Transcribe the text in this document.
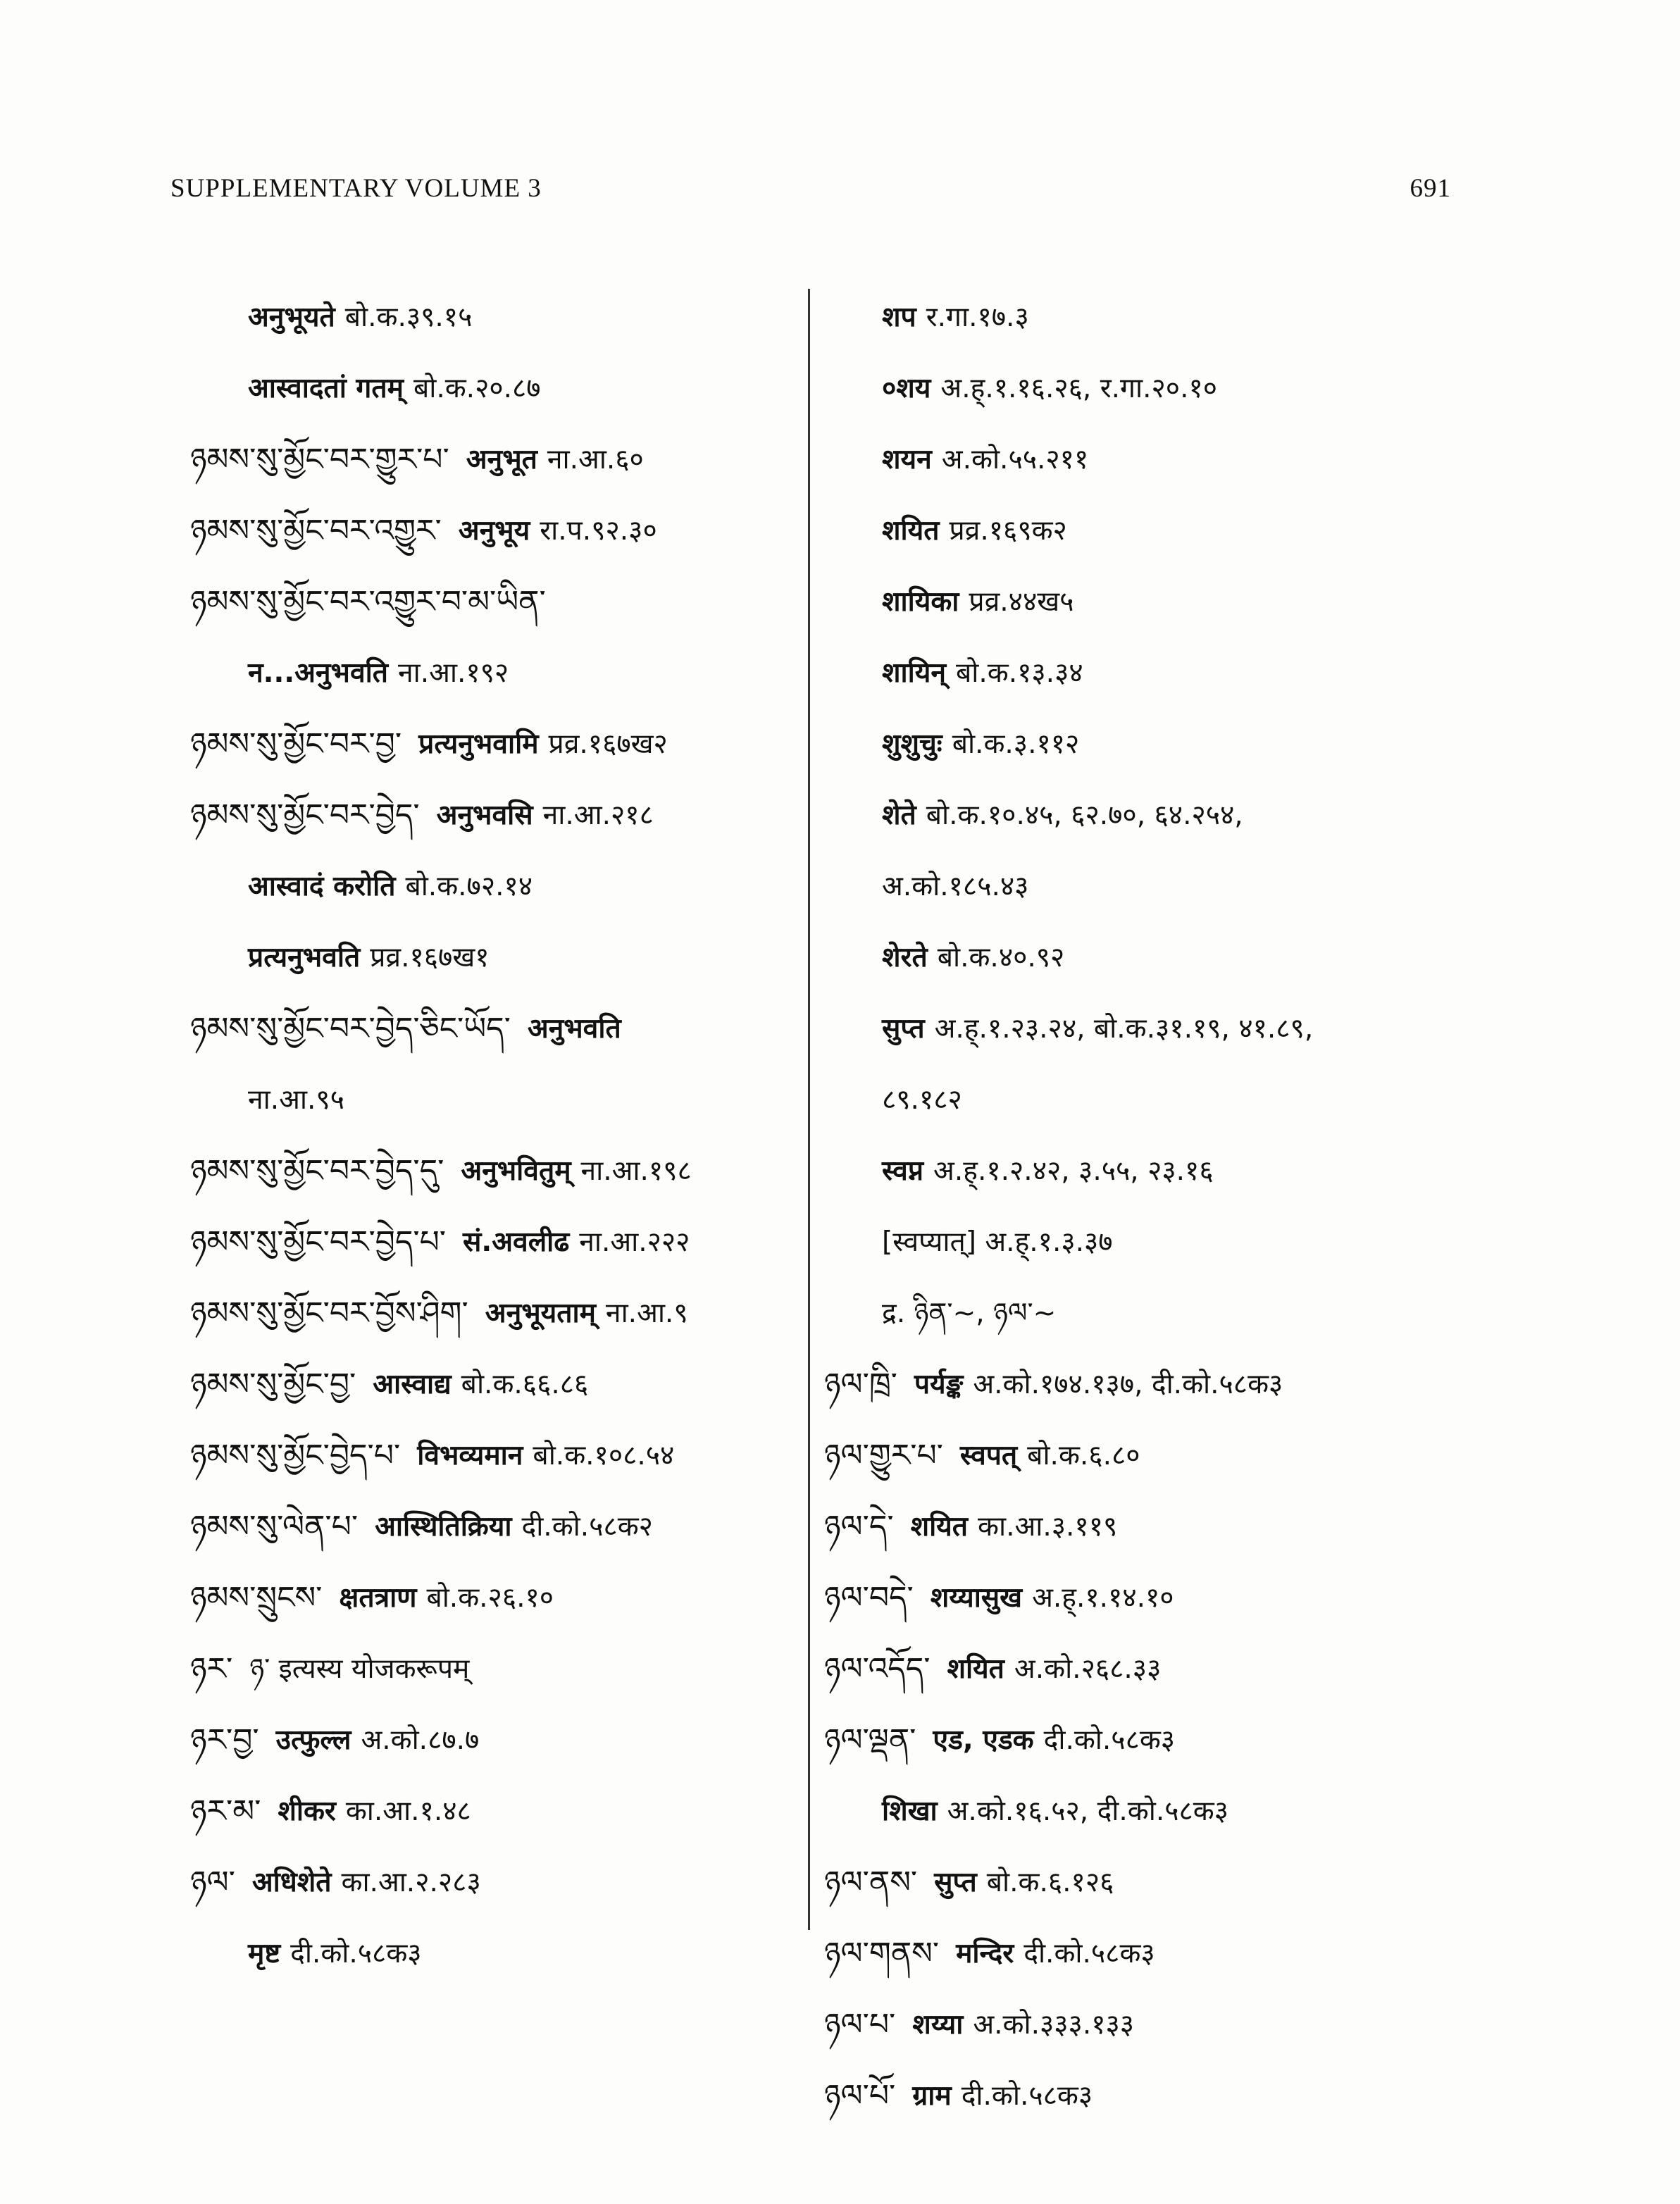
SUPPLEMENTARY VOLUME 3	691
अनुभूयते बो.क.३९.१५
आस्वादतां गतम् बो.क.२०.८७
ཉམས་སུ་མྱོང་བར་གྱུར་པ་ अनुभूत ना.आ.६०
ཉམས་སུ་མྱོང་བར་འགྱུར་ अनुभूय रा.प.९२.३०
ཉམས་སུ་མྱོང་བར་འགྱུར་བ་མ་ཡིན་
न...अनुभवति ना.आ.१९२
ཉམས་སུ་མྱོང་བར་བྱ་ प्रत्यनुभवामि प्रव्र.१६७ख२
ཉམས་སུ་མྱོང་བར་བྱེད་ अनुभवसि ना.आ.२१८
आस्वादं करोति बो.क.७२.१४
प्रत्यनुभवति प्रव्र.१६७ख१
ཉམས་སུ་མྱོང་བར་བྱེད་ཅིང་ཡོད་ अनुभवति
ना.आ.९५
ཉམས་སུ་མྱོང་བར་བྱེད་དུ་ अनुभवितुम् ना.आ.१९८
ཉམས་སུ་མྱོང་བར་བྱེད་པ་ सं.अवलीढ ना.आ.२२२
ཉམས་སུ་མྱོང་བར་བྱོས་ཤིག་ अनुभूयताम् ना.आ.९
ཉམས་སུ་མྱོང་བྱ་ आस्वाद्य बो.क.६६.८६
ཉམས་སུ་མྱོང་བྱེད་པ་ विभव्यमान बो.क.१०८.५४
ཉམས་སུ་ལེན་པ་ आस्थितिक्रिया दी.को.५८क२
ཉམས་སྲུངས་ क्षतत्राण बो.क.२६.१०
ཉར་ ཉ་ इत्यस्य योजकरूपम्
ཉར་བྱ་ उत्फुल्ल अ.को.८७.७
ཉར་མ་ शीकर का.आ.१.४८
ཉལ་ अधिशेते का.आ.२.२८३
मृष्ट दी.को.५८क३
शप र.गा.१७.३
०शय अ.ह्.१.१६.२६, र.गा.२०.१०
शयन अ.को.५५.२११
शयित प्रव्र.१६९क२
शायिका प्रव्र.४४ख५
शायिन् बो.क.१३.३४
शुशुचुः बो.क.३.११२
शेते बो.क.१०.४५, ६२.७०, ६४.२५४,
अ.को.१८५.४३
शेरते बो.क.४०.९२
सुप्त अ.ह्.१.२३.२४, बो.क.३१.१९, ४१.८९,
८९.१८२
स्वप्न अ.ह्.१.२.४२, ३.५५, २३.१६
[स्वप्यात्] अ.ह्.१.३.३७
द्र. ཉིན་~, ཉལ་~
ཉལ་ཁྲི་ पर्यङ्क अ.को.१७४.१३७, दी.को.५८क३
ཉལ་གྱུར་པ་ स्वपत् बो.क.६.८०
ཉལ་དེ་ शयित का.आ.३.११९
ཉལ་བདེ་ शय्यासुख अ.ह्.१.१४.१०
ཉལ་འདོད་ शयित अ.को.२६८.३३
ཉལ་ལྡན་ एड, एडक दी.को.५८क३
शिखा अ.को.१६.५२, दी.को.५८क३
ཉལ་ནས་ सुप्त बो.क.६.१२६
ཉལ་གནས་ मन्दिर दी.को.५८क३
ཉལ་པ་ शय्या अ.को.३३३.१३३
ཉལ་པོ་ ग्राम दी.को.५८क३
